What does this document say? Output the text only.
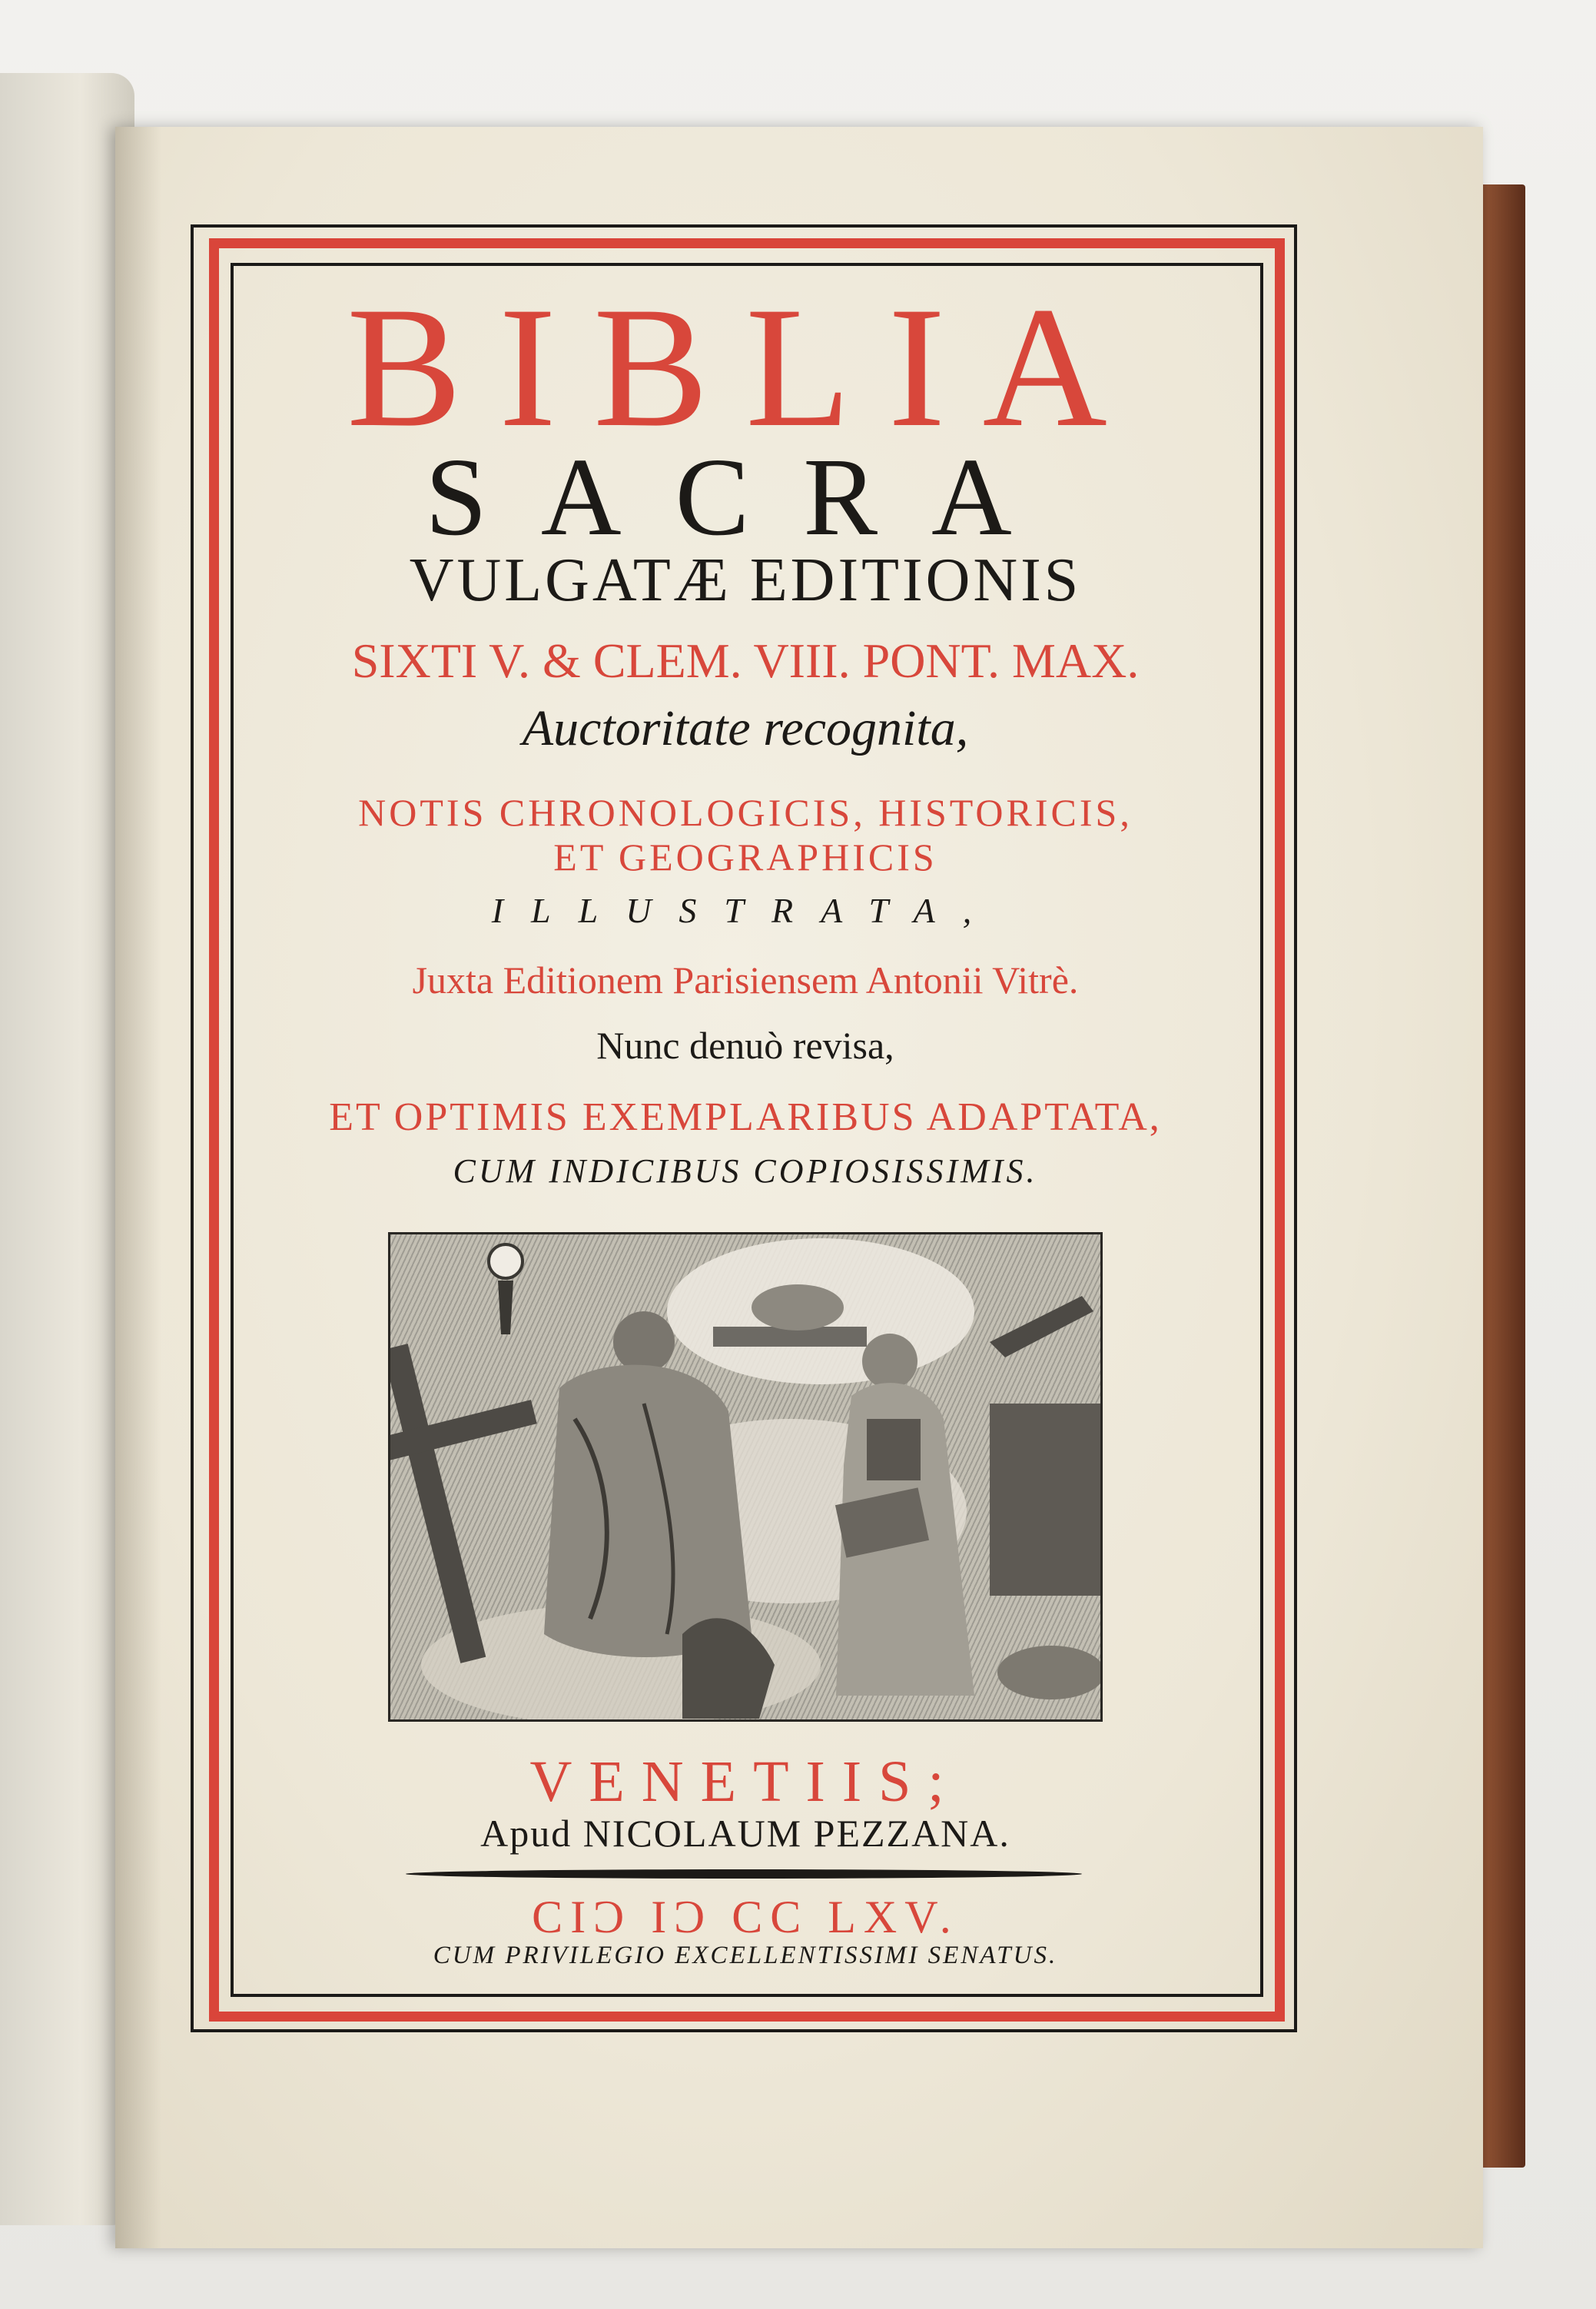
BIBLIA
SACRA
VULGATÆ EDITIONIS
SIXTI V. & CLEM. VIII. PONT. MAX.
Auctoritate recognita,
NOTIS CHRONOLOGICIS, HISTORICIS,
ET GEOGRAPHICIS
ILLUSTRATA,
Juxta Editionem Parisiensem Antonii Vitrè.
Nunc denuò revisa,
ET OPTIMIS EXEMPLARIBUS ADAPTATA,
CUM INDICIBUS COPIOSISSIMIS.
VENETIIS;
Apud NICOLAUM PEZZANA.
CIϽ IϽ CC LXV.
CUM PRIVILEGIO EXCELLENTISSIMI SENATUS.
